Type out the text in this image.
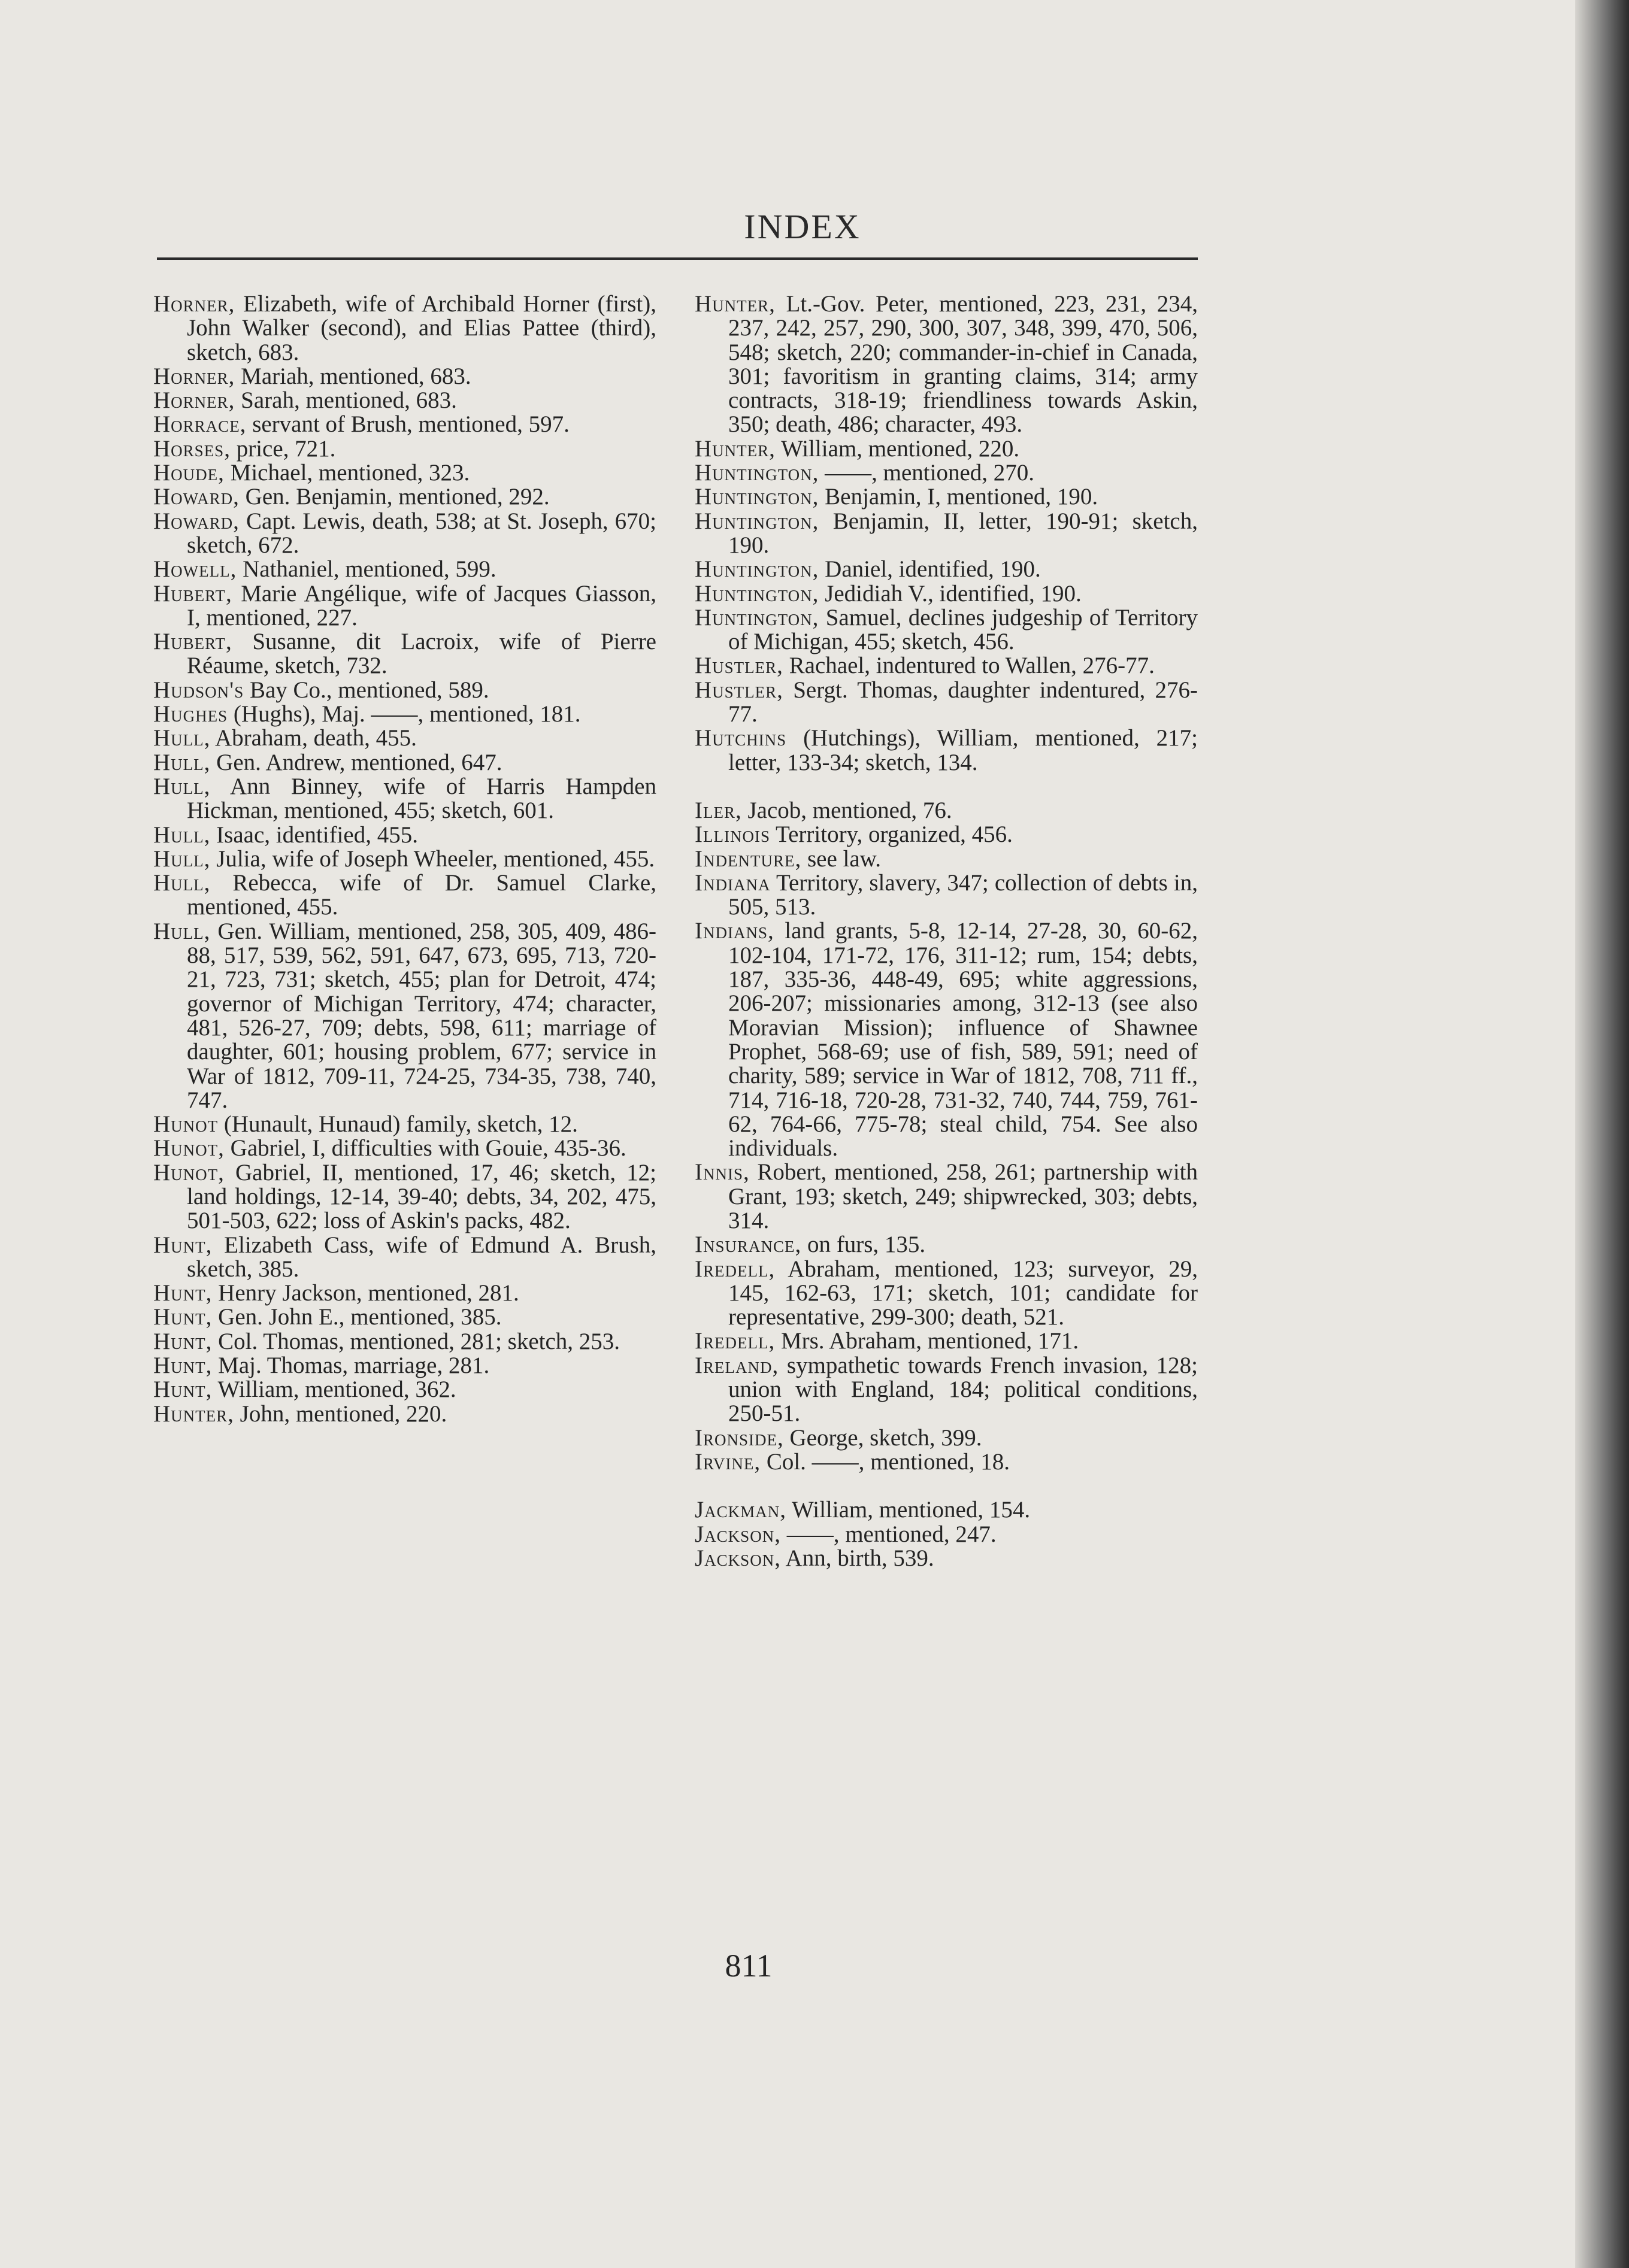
INDEX

Horner, Elizabeth, wife of Archibald Horner (first), John Walker (second), and Elias Pattee (third), sketch, 683.

Horner, Mariah, mentioned, 683.

Horner, Sarah, mentioned, 683.

Horrace, servant of Brush, mentioned, 597.

Horses, price, 721.

Houde, Michael, mentioned, 323.

Howard, Gen. Benjamin, mentioned, 292.

Howard, Capt. Lewis, death, 538; at St. Joseph, 670; sketch, 672.

Howell, Nathaniel, mentioned, 599.

Hubert, Marie Angélique, wife of Jacques Giasson, I, mentioned, 227.

Hubert, Susanne, dit Lacroix, wife of Pierre Réaume, sketch, 732.

Hudson's Bay Co., mentioned, 589.

Hughes (Hughs), Maj. ——, mentioned, 181.

Hull, Abraham, death, 455.

Hull, Gen. Andrew, mentioned, 647.

Hull, Ann Binney, wife of Harris Hampden Hickman, mentioned, 455; sketch, 601.

Hull, Isaac, identified, 455.

Hull, Julia, wife of Joseph Wheeler, mentioned, 455.

Hull, Rebecca, wife of Dr. Samuel Clarke, mentioned, 455.

Hull, Gen. William, mentioned, 258, 305, 409, 486-88, 517, 539, 562, 591, 647, 673, 695, 713, 720-21, 723, 731; sketch, 455; plan for Detroit, 474; governor of Michigan Territory, 474; character, 481, 526-27, 709; debts, 598, 611; marriage of daughter, 601; housing problem, 677; service in War of 1812, 709-11, 724-25, 734-35, 738, 740, 747.

Hunot (Hunault, Hunaud) family, sketch, 12.

Hunot, Gabriel, I, difficulties with Gouie, 435-36.

Hunot, Gabriel, II, mentioned, 17, 46; sketch, 12; land holdings, 12-14, 39-40; debts, 34, 202, 475, 501-503, 622; loss of Askin's packs, 482.

Hunt, Elizabeth Cass, wife of Edmund A. Brush, sketch, 385.

Hunt, Henry Jackson, mentioned, 281.

Hunt, Gen. John E., mentioned, 385.

Hunt, Col. Thomas, mentioned, 281; sketch, 253.

Hunt, Maj. Thomas, marriage, 281.

Hunt, William, mentioned, 362.

Hunter, John, mentioned, 220.

Hunter, Lt.-Gov. Peter, mentioned, 223, 231, 234, 237, 242, 257, 290, 300, 307, 348, 399, 470, 506, 548; sketch, 220; commander-in-chief in Canada, 301; favoritism in granting claims, 314; army contracts, 318-19; friendliness towards Askin, 350; death, 486; character, 493.

Hunter, William, mentioned, 220.

Huntington, ——, mentioned, 270.

Huntington, Benjamin, I, mentioned, 190.

Huntington, Benjamin, II, letter, 190-91; sketch, 190.

Huntington, Daniel, identified, 190.

Huntington, Jedidiah V., identified, 190.

Huntington, Samuel, declines judgeship of Territory of Michigan, 455; sketch, 456.

Hustler, Rachael, indentured to Wallen, 276-77.

Hustler, Sergt. Thomas, daughter indentured, 276-77.

Hutchins (Hutchings), William, mentioned, 217; letter, 133-34; sketch, 134.

Iler, Jacob, mentioned, 76.

Illinois Territory, organized, 456.

Indenture, see law.

Indiana Territory, slavery, 347; collection of debts in, 505, 513.

Indians, land grants, 5-8, 12-14, 27-28, 30, 60-62, 102-104, 171-72, 176, 311-12; rum, 154; debts, 187, 335-36, 448-49, 695; white aggressions, 206-207; missionaries among, 312-13 (see also Moravian Mission); influence of Shawnee Prophet, 568-69; use of fish, 589, 591; need of charity, 589; service in War of 1812, 708, 711 ff., 714, 716-18, 720-28, 731-32, 740, 744, 759, 761-62, 764-66, 775-78; steal child, 754. See also individuals.

Innis, Robert, mentioned, 258, 261; partnership with Grant, 193; sketch, 249; shipwrecked, 303; debts, 314.

Insurance, on furs, 135.

Iredell, Abraham, mentioned, 123; surveyor, 29, 145, 162-63, 171; sketch, 101; candidate for representative, 299-300; death, 521.

Iredell, Mrs. Abraham, mentioned, 171.

Ireland, sympathetic towards French invasion, 128; union with England, 184; political conditions, 250-51.

Ironside, George, sketch, 399.

Irvine, Col. ——, mentioned, 18.

Jackman, William, mentioned, 154.

Jackson, ——, mentioned, 247.

Jackson, Ann, birth, 539.

811
